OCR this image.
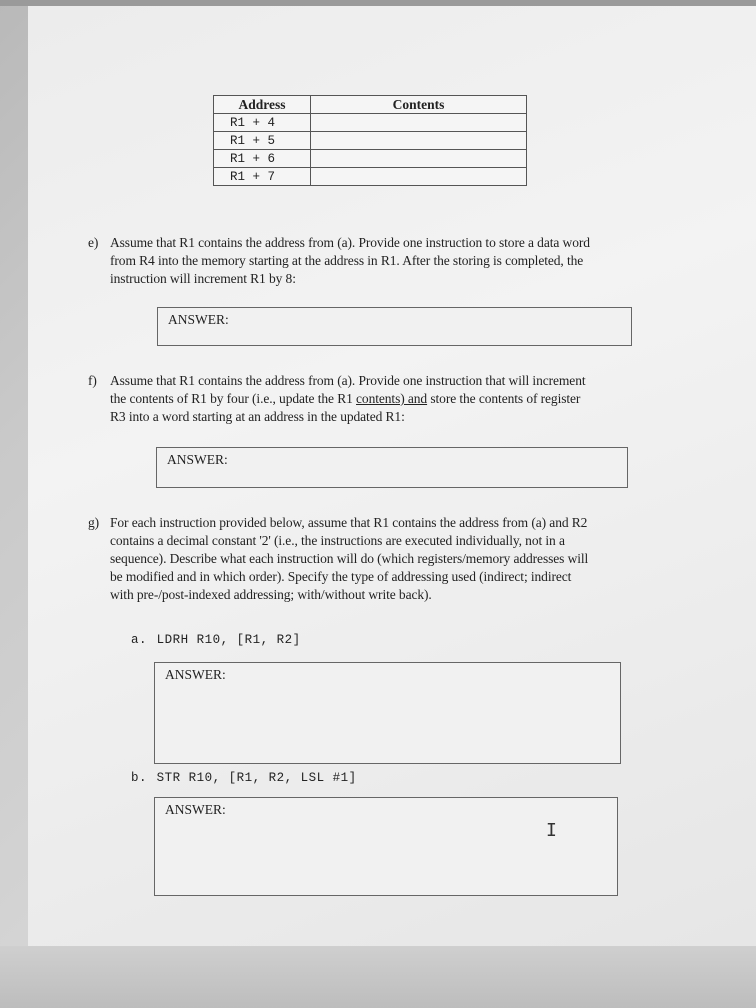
Address	Contents
R1 + 4	
R1 + 5	
R1 + 6	
R1 + 7	
e) Assume that R1 contains the address from (a). Provide one instruction to store a data word
from R4 into the memory starting at the address in R1. After the storing is completed, the
instruction will increment R1 by 8:
ANSWER:
f) Assume that R1 contains the address from (a). Provide one instruction that will increment
the contents of R1 by four (i.e., update the R1 contents) and store the contents of register
R3 into a word starting at an address in the updated R1:
ANSWER:
g) For each instruction provided below, assume that R1 contains the address from (a) and R2
contains a decimal constant '2' (i.e., the instructions are executed individually, not in a
sequence). Describe what each instruction will do (which registers/memory addresses will
be modified and in which order). Specify the type of addressing used (indirect; indirect
with pre-/post-indexed addressing; with/without write back).
a. LDRH R10, [R1, R2]
ANSWER:
b. STR R10, [R1, R2, LSL #1]
ANSWER:
I
